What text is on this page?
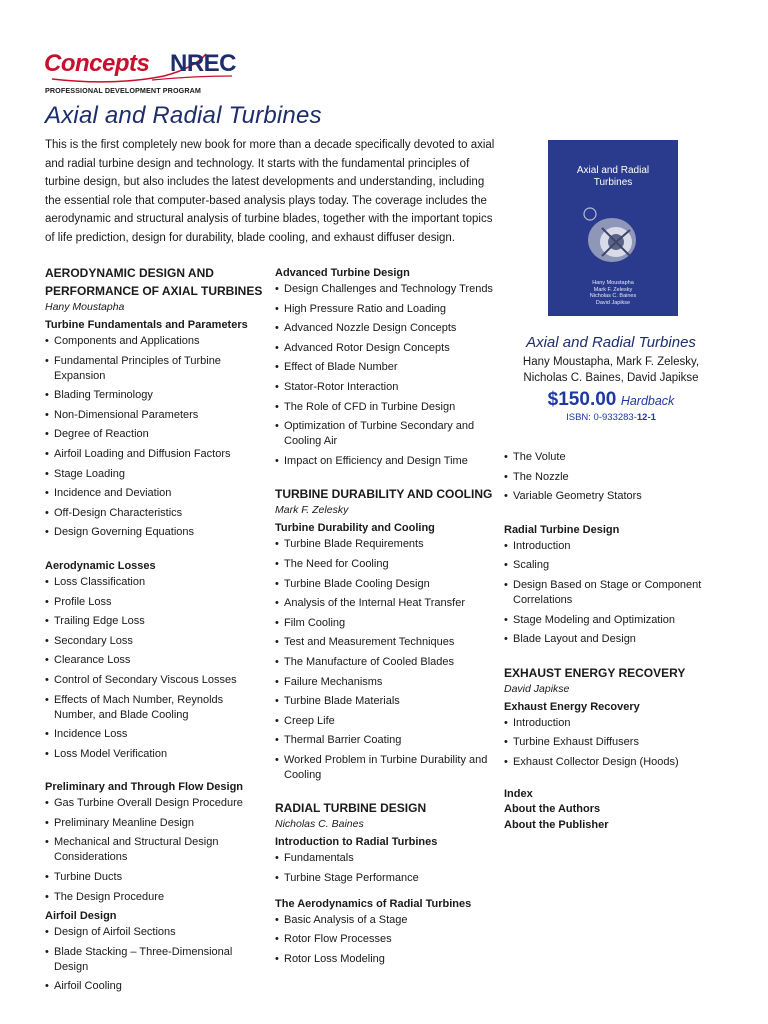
Concepts NREC
PROFESSIONAL DEVELOPMENT PROGRAM
Axial and Radial Turbines
This is the first completely new book for more than a decade specifically devoted to axial and radial turbine design and technology. It starts with the fundamental principles of turbine design, but also includes the latest developments and understanding, including the essential role that computer-based analysis plays today. The coverage includes the aerodynamic and structural analysis of turbine blades, together with the important topics of life prediction, design for durability, blade cooling, and exhaust diffuser design.
Axial and Radial
Turbines
Hany Moustapha
Mark F. Zelesky
Nicholas C. Baines
David Japikse
Axial and Radial Turbines
Hany Moustapha, Mark F. Zelesky,
Nicholas C. Baines, David Japikse
$150.00 Hardback
ISBN: 0-933283-12-1
AERODYNAMIC DESIGN AND
PERFORMANCE OF AXIAL TURBINES
Hany Moustapha
Turbine Fundamentals and Parameters
• Components and Applications
• Fundamental Principles of Turbine Expansion
• Blading Terminology
• Non-Dimensional Parameters
• Degree of Reaction
• Airfoil Loading and Diffusion Factors
• Stage Loading
• Incidence and Deviation
• Off-Design Characteristics
• Design Governing Equations
Aerodynamic Losses
• Loss Classification
• Profile Loss
• Trailing Edge Loss
• Secondary Loss
• Clearance Loss
• Control of Secondary Viscous Losses
• Effects of Mach Number, Reynolds Number, and Blade Cooling
• Incidence Loss
• Loss Model Verification
Preliminary and Through Flow Design
• Gas Turbine Overall Design Procedure
• Preliminary Meanline Design
• Mechanical and Structural Design Considerations
• Turbine Ducts
• The Design Procedure
Airfoil Design
• Design of Airfoil Sections
• Blade Stacking – Three-Dimensional Design
• Airfoil Cooling
Advanced Turbine Design
• Design Challenges and Technology Trends
• High Pressure Ratio and Loading
• Advanced Nozzle Design Concepts
• Advanced Rotor Design Concepts
• Effect of Blade Number
• Stator-Rotor Interaction
• The Role of CFD in Turbine Design
• Optimization of Turbine Secondary and Cooling Air
• Impact on Efficiency and Design Time
TURBINE DURABILITY AND COOLING
Mark F. Zelesky
Turbine Durability and Cooling
• Turbine Blade Requirements
• The Need for Cooling
• Turbine Blade Cooling Design
• Analysis of the Internal Heat Transfer
• Film Cooling
• Test and Measurement Techniques
• The Manufacture of Cooled Blades
• Failure Mechanisms
• Turbine Blade Materials
• Creep Life
• Thermal Barrier Coating
• Worked Problem in Turbine Durability and Cooling
RADIAL TURBINE DESIGN
Nicholas C. Baines
Introduction to Radial Turbines
• Fundamentals
• Turbine Stage Performance
The Aerodynamics of Radial Turbines
• Basic Analysis of a Stage
• Rotor Flow Processes
• Rotor Loss Modeling
• The Volute
• The Nozzle
• Variable Geometry Stators
Radial Turbine Design
• Introduction
• Scaling
• Design Based on Stage or Component Correlations
• Stage Modeling and Optimization
• Blade Layout and Design
EXHAUST ENERGY RECOVERY
David Japikse
Exhaust Energy Recovery
• Introduction
• Turbine Exhaust Diffusers
• Exhaust Collector Design (Hoods)
Index
About the Authors
About the Publisher
